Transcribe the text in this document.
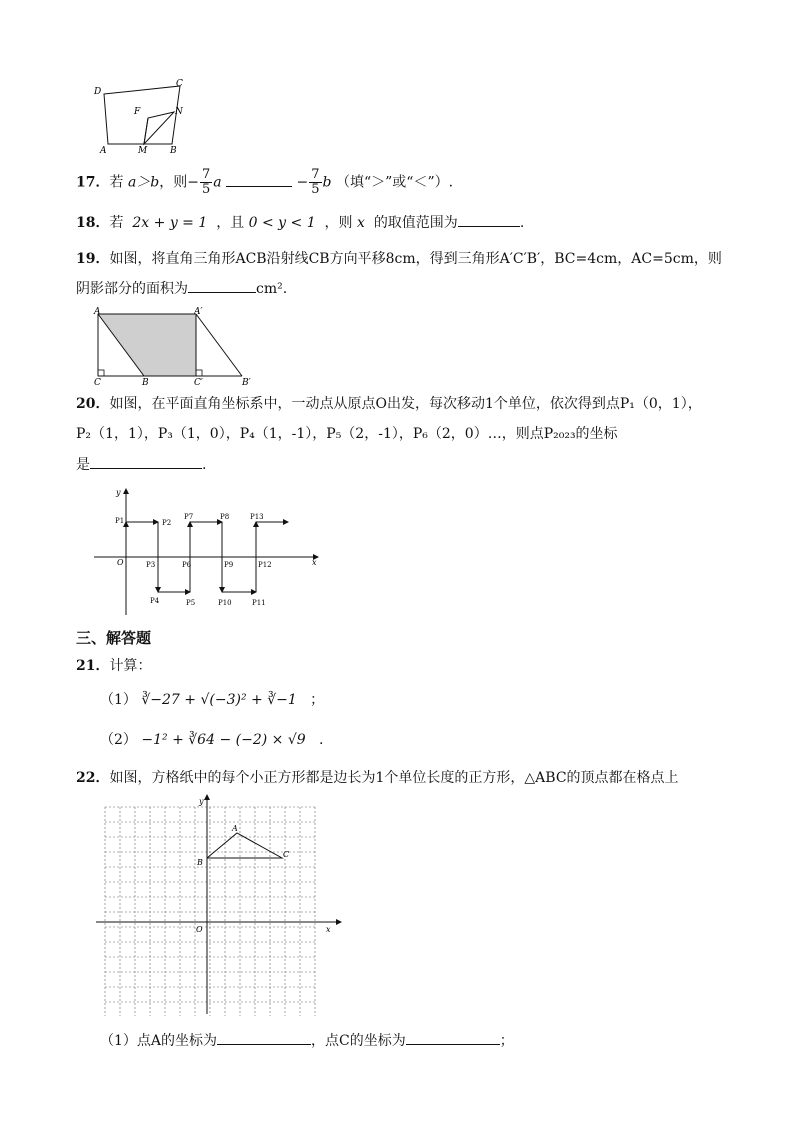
D
C
F	N
A	M	B
17．若 a＞b，则− $\frac{7}{5}$ a	− $\frac{7}{5}$ b （填“＞”或“＜”）.
18．若 2x + y = 1 ，且 0 < y < 1 ，则 x 的取值范围为	.
19．如图，将直角三角形ACB沿射线CB方向平移8cm，得到三角形A′C′B′，BC=4cm，AC=5cm，则
阴影部分的面积为	cm².
A	A′
C	B	C′	B′
20．如图，在平面直角坐标系中，一动点从原点O出发，每次移动1个单位，依次得到点P₁（0，1），
P₂（1，1），P₃（1，0），P₄（1，-1），P₅（2，-1），P₆（2，0）…，则点P₂₀₂₃的坐标
是	.
y
x
O
P1	P2
P3
P4	P5
P6
P7	P8
P9
P10	P11
P12
P13
三、解答题
21．计算：
（1） ∛−27 + √(−3)² + ∛−1 ；
（2） −1² + ∛64 − (−2) × √9 .
22．如图，方格纸中的每个小正方形都是边长为1个单位长度的正方形，△ABC的顶点都在格点上
y
x
O
A
B
C
（1）点A的坐标为	，点C的坐标为	；
